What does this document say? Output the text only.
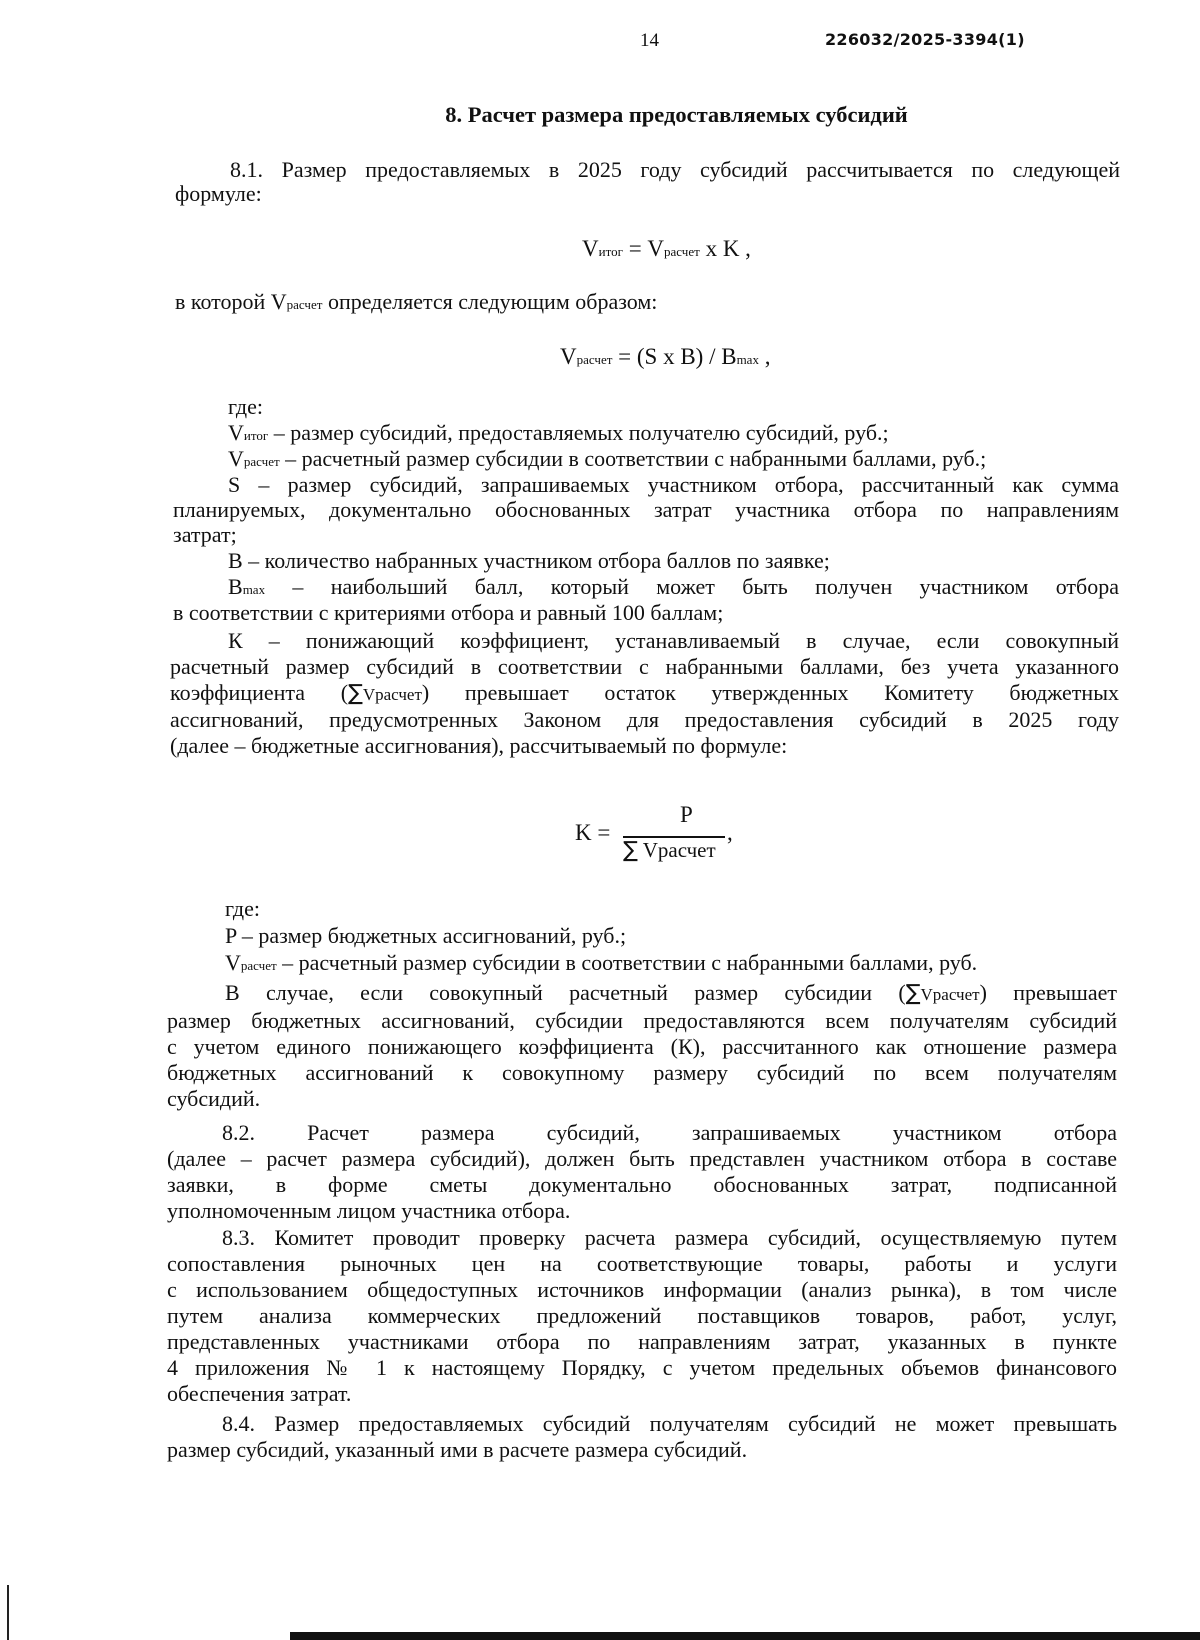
14	226032/2025-3394(1)
8. Расчет размера предоставляемых субсидий
8.1. Размер предоставляемых в 2025 году субсидий рассчитывается по следующей
формуле:
Vитог = Vрасчет x K ,
в которой Vрасчет определяется следующим образом:
Vрасчет = (S x B) / Bmax ,
где:
Vитог – размер субсидий, предоставляемых получателю субсидий, руб.;
Vрасчет – расчетный размер субсидии в соответствии с набранными баллами, руб.;
S – размер субсидий, запрашиваемых участником отбора, рассчитанный как сумма
планируемых, документально обоснованных затрат участника отбора по направлениям
затрат;
B – количество набранных участником отбора баллов по заявке;
Bmax – наибольший балл, который может быть получен участником отбора
в соответствии с критериями отбора и равный 100 баллам;
К – понижающий коэффициент, устанавливаемый в случае, если совокупный
расчетный размер субсидий в соответствии с набранными баллами, без учета указанного
коэффициента (∑Vрасчет) превышает остаток утвержденных Комитету бюджетных
ассигнований, предусмотренных Законом для предоставления субсидий в 2025 году
(далее – бюджетные ассигнования), рассчитываемый по формуле:
K =
P
∑ Vрасчет
,
где:
P – размер бюджетных ассигнований, руб.;
Vрасчет – расчетный размер субсидии в соответствии с набранными баллами, руб.
В случае, если совокупный расчетный размер субсидии (∑Vрасчет) превышает
размер бюджетных ассигнований, субсидии предоставляются всем получателям субсидий
с учетом единого понижающего коэффициента (К), рассчитанного как отношение размера
бюджетных ассигнований к совокупному размеру субсидий по всем получателям
субсидий.
8.2. Расчет размера субсидий, запрашиваемых участником отбора
(далее – расчет размера субсидий), должен быть представлен участником отбора в составе
заявки, в форме сметы документально обоснованных затрат, подписанной
уполномоченным лицом участника отбора.
8.3. Комитет проводит проверку расчета размера субсидий, осуществляемую путем
сопоставления рыночных цен на соответствующие товары, работы и услуги
с использованием общедоступных источников информации (анализ рынка), в том числе
путем анализа коммерческих предложений поставщиков товаров, работ, услуг,
представленных участниками отбора по направлениям затрат, указанных в пункте
4 приложения № 1 к настоящему Порядку, с учетом предельных объемов финансового
обеспечения затрат.
8.4. Размер предоставляемых субсидий получателям субсидий не может превышать
размер субсидий, указанный ими в расчете размера субсидий.
